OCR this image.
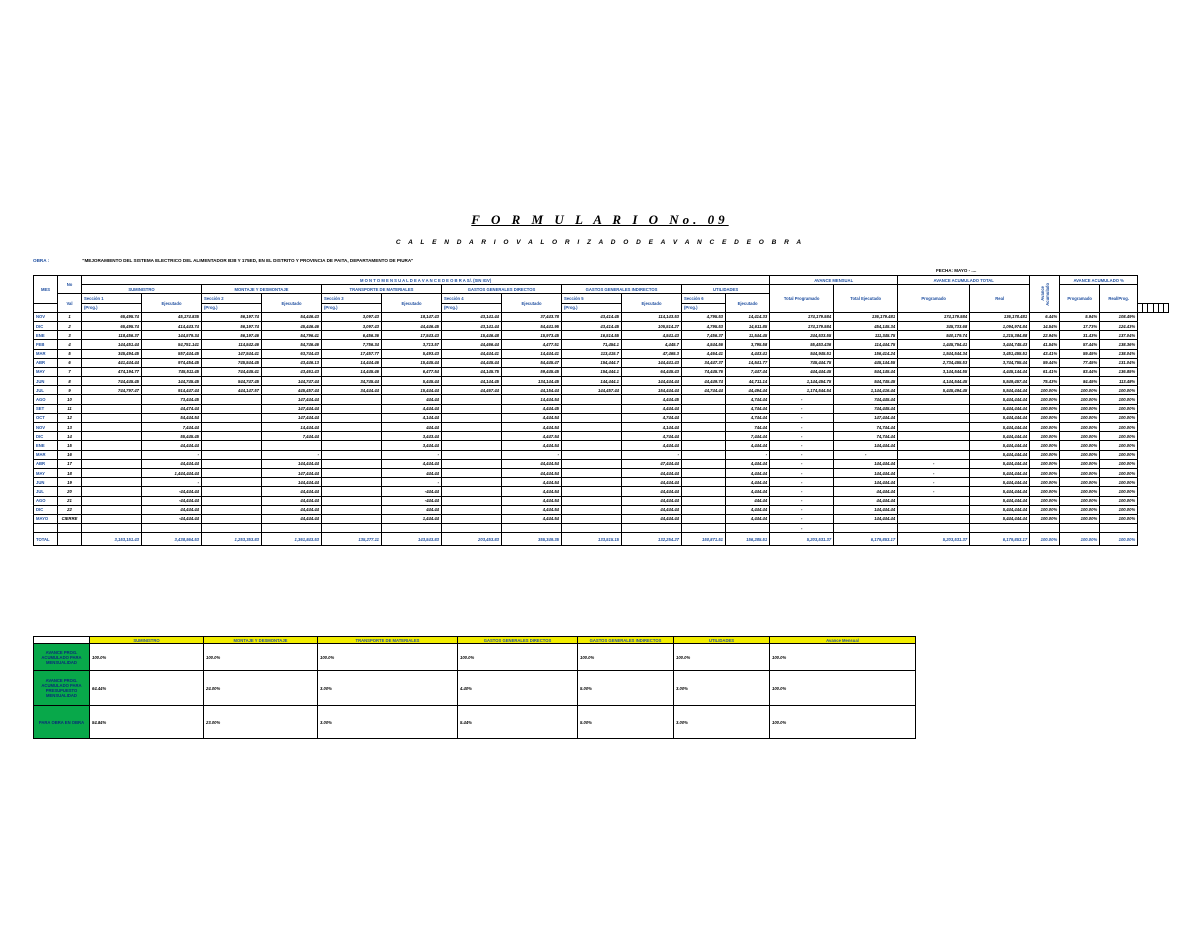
F O R M U L A R I O No. 09
C A L E N D A R I O V A L O R I Z A D O D E A V A N C E D E O B R A
OBRA :	"MEJORAMIENTO DEL SISTEMA ELECTRICO DEL ALIMENTADOR B38 Y 175ED, EN EL DISTRITO Y PROVINCIA DE PAITA, DEPARTAMENTO DE PIURA"
FECHA: MAYO - ....
MES	No	M O N T O M E N S U A L D E A V A N C E D E O B R A S/. (SIN IGV)												AVANCE MENSUAL		AVANCE ACUMULADO TOTAL		Avance Acumulado	AVANCE ACUMULADO %							
		SUMINISTRO		MONTAJE Y DESMONTAJE		TRANSPORTE DE MATERIALES		GASTOS GENERALES DIRECTOS		GASTOS GENERALES INDIRECTOS		UTILIDADES		Total Programado	Total Ejecutado	Programado	Real		Programado	Real/Prog.						
	Val	Sección 1	Ejecutado	Sección 2	Ejecutado	Sección 3	Ejecutado	Sección 4	Ejecutado	Sección 5	Ejecutado	Sección 6	Ejecutado													
		(Prog.)		(Prog.)		(Prog.)		(Prog.)		(Prog.)		(Prog.)														
NOV	1	65,495.74	45,174.835	56,197.74	54,446.43	3,097.43	18,147.43	43,141.44	37,443.78	43,414.45	114,143.53	4,795.53	14,414.33	174,179.584	136,179.481	174,179.584	136,178.481	6.44%	5.94%	108.49%						
DIC	2	65,495.74	414,443.74	56,197.74	45,446.46	3,097.43	44,446.45	43,141.44	54,441.95	43,414.45	105,514.27	4,795.53	14,611.85	174,179.584	454,145.34	345,733.68	1,094,974.84	14.54%	17.73%	124.43%						
ENE	3	118,456.37	144,579.34	56,197.46	54,796.41	6,456.36	17,543.43	15,446.48	15,973.45	16,514.55	4,541.43	7,456.37	11,544.45	244,533.55	111,345.75	540,179.74	1,215,384.88	22.94%	31.43%	137.04%						
FEB	4	144,451.44	54,751.141	114,542.46	54,746.46	7,756.34	3,713.57	44,466.44	4,477.51	71,454.1	4,445.7	4,544.56	3,795.58	55,453.436	114,444.75	1,445,754.41	3,444,745.43	41.54%	57.44%	138.36%						
MAR	5	345,494.45	557,444.45	147,544.41	63,744.43	17,457.77	5,493.43	44,444.41	14,444.41	113,415.7	47,465.3	4,464.41	4,443.41	544,945.51	156,414.24	1,544,544.34	3,451,455.51	43.41%	59.45%	138.04%						
ABR	6	441,444.44	974,454.45	745,544.45	43,446.13	14,444.46	15,445.44	44,445.44	54,445.47	154,444.7	144,441.43	34,447.37	14,541.77	745,444.75	445,144.55	2,734,455.53	3,744,755.44	59.44%	77.45%	131.04%						
MAY	7	474,194.77	745,511.45	744,445.41	43,461.43	14,445.46	6,477.54	44,145.75	59,445.45	154,444.1	64,445.43	74,445.76	7,447.44	444,444.45	544,145.44	3,144,544.55	4,445,144.44	61.41%	83.44%	136.85%						
JUN	8	744,445.45	144,745.45	544,747.45	144,747.44	34,745.44	5,445.44	44,144.45	134,144.45	144,444.1	144,444.44	44,449.74	44,711.14	1,144,454.75	544,745.45	4,144,544.45	5,549,457.44	75.43%	84.45%	113.48%						
JUL	9	744,797.47	914,447.44	444,147.57	445,457.44	34,444.44	15,444.44	44,467.44	44,154.44	144,457.44	154,444.44	44,744.44	44,494.44	1,174,544.54	1,144,416.44	5,445,494.45	5,544,444.44	100.00%	100.00%	100.00%						
AGO	10		73,444.45		147,444.44		444.44		14,444.54		4,444.45		4,744.44	-	744,445.44		5,444,444.44	100.00%	100.00%	100.00%						
SET	11		44,474.44		147,444.44		4,444.44		4,444.45		4,444.44		4,744.44	-	744,445.44		5,444,444.44	100.00%	100.00%	100.00%						
OCT	12		54,444.54		147,444.44		4,144.44		4,444.54		4,744.44		4,744.44	-	147,444.44		5,444,444.44	100.00%	100.00%	100.00%						
NOV	13		7,444.44		14,444.44		444.44		4,444.54		4,144.44		744.44	-	74,744.44		5,444,444.44	100.00%	100.00%	100.00%						
DIC	14		55,445.45		7,444.44		3,443.44		4,447.54		4,744.44		7,444.44	-	74,744.44		5,444,444.44	100.00%	100.00%	100.00%						
ENE	15		44,444.44				3,444.44		4,444.54		4,444.44		4,444.44	-	144,444.44		5,444,444.44	100.00%	100.00%	100.00%						
MAR	16		-		-		-		-		-		-	-	-		5,444,444.44	100.00%	100.00%	100.00%						
ABR	17		44,444.44		144,444.44		4,444.44		44,444.54		47,444.44		4,444.44	-	144,444.44	-	5,444,444.44	100.00%	100.00%	100.00%						
MAY	18		1,444,444.44		147,444.44		444.44		44,444.54		44,444.44		4,444.44	-	144,444.44	-	5,444,444.44	100.00%	100.00%	100.00%						
JUN	19		-		144,444.44		-		4,444.54		44,444.44		4,444.44	-	144,444.44	-	5,444,444.44	100.00%	100.00%	100.00%						
JUL	20		-44,444.44		44,444.44		-444.44		4,444.54		44,444.44		4,444.44	-	44,444.44	-	5,444,444.44	100.00%	100.00%	100.00%						
AGO	21		-44,444.44		44,444.44		-444.44		4,444.54		44,444.44		444.44	-	44,444.44		5,444,444.44	100.00%	100.00%	100.00%						
DIC	22		44,444.44		44,444.44		444.44		4,444.54		44,444.44		4,444.44	-	144,444.44		5,444,444.44	100.00%	100.00%	100.00%						
MAYO	CIERRE		-44,444.44		44,444.44		1,444.44		4,444.54		44,444.44		4,444.44	-	144,444.44		5,444,444.44	100.00%	100.00%	100.00%						
														-												
TOTAL		3,153,151.43	3,438,564.53	1,253,353.83	1,361,843.53	135,277.11	143,543.83	203,453.83	355,349.35	133,515.15	132,254.27	150,871.51	156,285.51	5,203,531.37	6,179,853.17	5,203,531.37	6,179,853.17	100.00%	100.00%	100.00%						
	SUMINISTRO	MONTAJE Y DESMONTAJE	TRANSPORTE DE MATERIALES	GASTOS GENERALES DIRECTOS	GASTOS GENERALES INDIRECTOS	UTILIDADES	Avance Mensual
AVANCE PROG. ACUMULADO PARA MENSUALIDAD	100.0%	100.0%	100.0%	100.0%	100.0%	100.0%	100.0%
AVANCE PROG. ACUMULADO PARA PRESUPUESTO MENSUALIDAD	64.44%	24.00%	3.00%	4.40%	5.00%	3.00%	100.0%
PARA OBRA EN OBRA	54.84%	23.00%	3.00%	5.44%	5.00%	3.00%	100.0%
